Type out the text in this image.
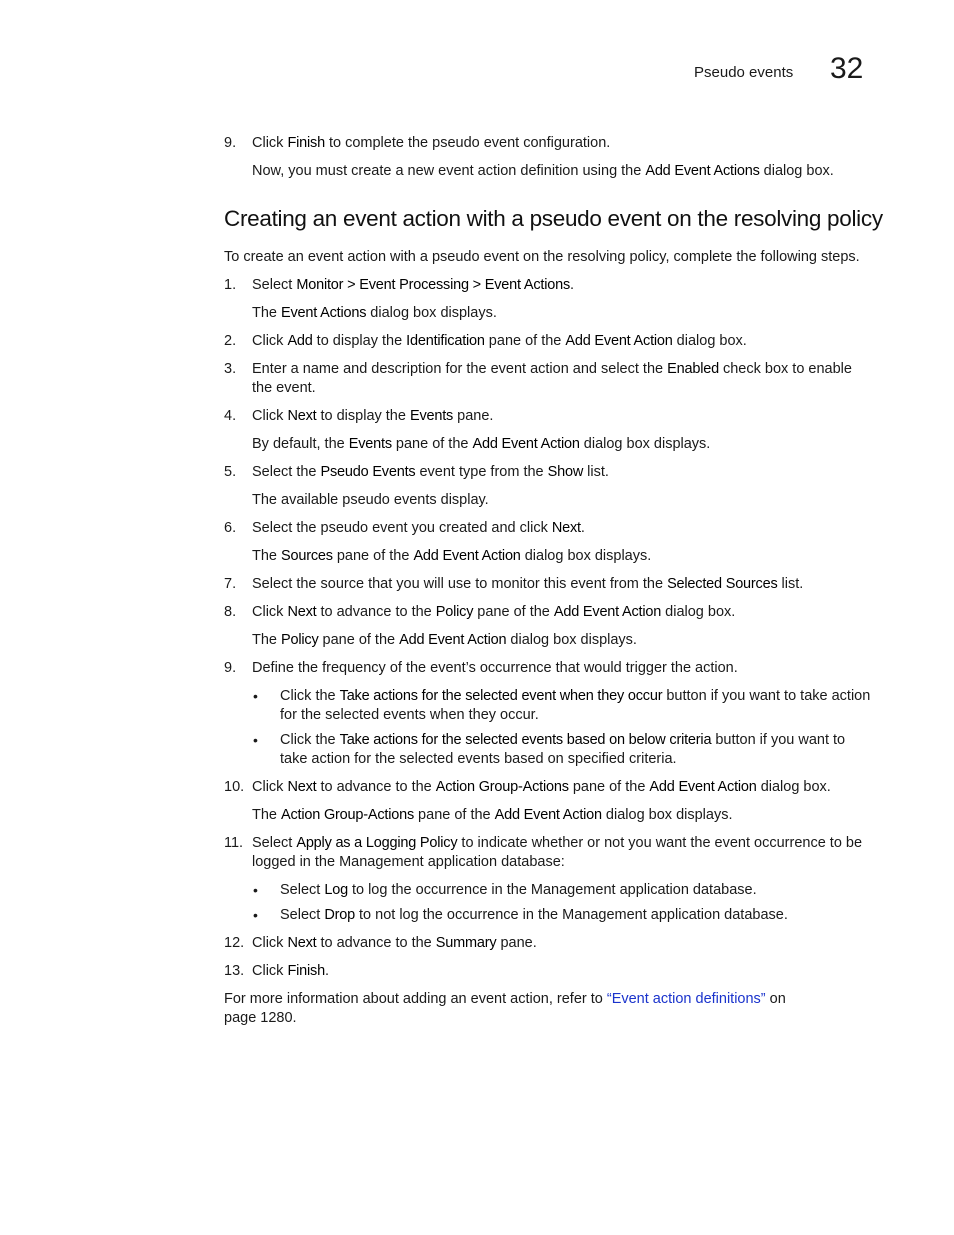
Pseudo events 32

9. Click Finish to complete the pseudo event configuration.

Now, you must create a new event action definition using the Add Event Actions dialog box.

Creating an event action with a pseudo event on the resolving policy

To create an event action with a pseudo event on the resolving policy, complete the following steps.

1. Select Monitor > Event Processing > Event Actions.

The Event Actions dialog box displays.

2. Click Add to display the Identification pane of the Add Event Action dialog box.

3. Enter a name and description for the event action and select the Enabled check box to enable the event.

4. Click Next to display the Events pane.

By default, the Events pane of the Add Event Action dialog box displays.

5. Select the Pseudo Events event type from the Show list.

The available pseudo events display.

6. Select the pseudo event you created and click Next.

The Sources pane of the Add Event Action dialog box displays.

7. Select the source that you will use to monitor this event from the Selected Sources list.

8. Click Next to advance to the Policy pane of the Add Event Action dialog box.

The Policy pane of the Add Event Action dialog box displays.

9. Define the frequency of the event’s occurrence that would trigger the action.

• Click the Take actions for the selected event when they occur button if you want to take action for the selected events when they occur.

• Click the Take actions for the selected events based on below criteria button if you want to take action for the selected events based on specified criteria.

10. Click Next to advance to the Action Group-Actions pane of the Add Event Action dialog box.

The Action Group-Actions pane of the Add Event Action dialog box displays.

11. Select Apply as a Logging Policy to indicate whether or not you want the event occurrence to be logged in the Management application database:

• Select Log to log the occurrence in the Management application database.

• Select Drop to not log the occurrence in the Management application database.

12. Click Next to advance to the Summary pane.

13. Click Finish.

For more information about adding an event action, refer to “Event action definitions” on
page 1280.
